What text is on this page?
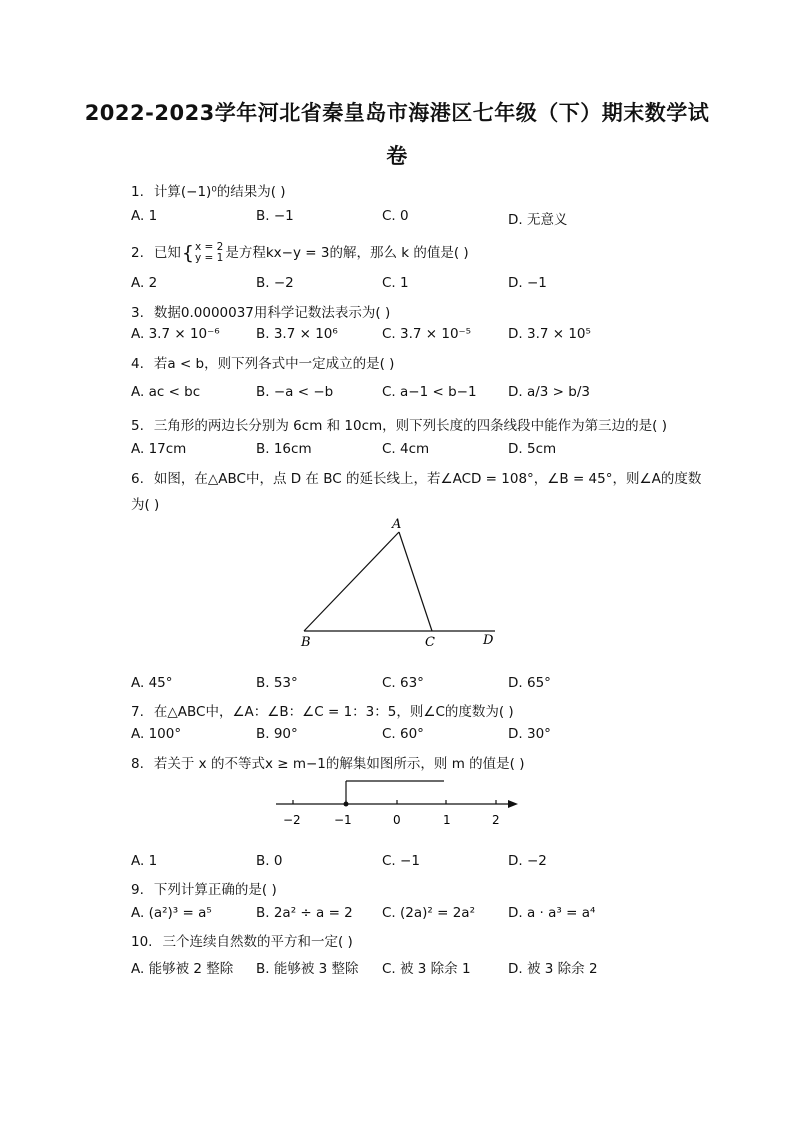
2022-2023学年河北省秦皇岛市海港区七年级（下）期末数学试
卷
1. 计算(−1)⁰的结果为( )
A. 1	B. −1	C. 0	D. 无意义
2. 已知{ x = 2
y = 1 是方程kx−y = 3的解，那么 k 的值是( )
A. 2	B. −2	C. 1	D. −1
3. 数据0.0000037用科学记数法表示为( )
A. 3.7 × 10⁻⁶	B. 3.7 × 10⁶	C. 3.7 × 10⁻⁵	D. 3.7 × 10⁵
4. 若a < b，则下列各式中一定成立的是( )
A. ac < bc	B. −a < −b	C. a−1 < b−1 D. a/3 > b/3
5. 三角形的两边长分别为 6cm 和 10cm，则下列长度的四条线段中能作为第三边的是( )
A. 17cm	B. 16cm	C. 4cm	D. 5cm
6. 如图，在△ABC中，点 D 在 BC 的延长线上，若∠ACD = 108°，∠B = 45°，则∠A的度数
为( )
A
B	C	D
A. 45°	B. 53°	C. 63°	D. 65°
7. 在△ABC中，∠A：∠B：∠C = 1：3：5，则∠C的度数为( )
A. 100°	B. 90°	C. 60°	D. 30°
8. 若关于 x 的不等式x ≥ m−1的解集如图所示，则 m 的值是( )
−2	−1	0	1	2
A. 1	B. 0	C. −1	D. −2
9. 下列计算正确的是( )
A. (a²)³ = a⁵	B. 2a² ÷ a = 2 C. (2a)² = 2a² D. a · a³ = a⁴
10. 三个连续自然数的平方和一定( )
A. 能够被 2 整除 B. 能够被 3 整除 C. 被 3 除余 1	D. 被 3 除余 2
